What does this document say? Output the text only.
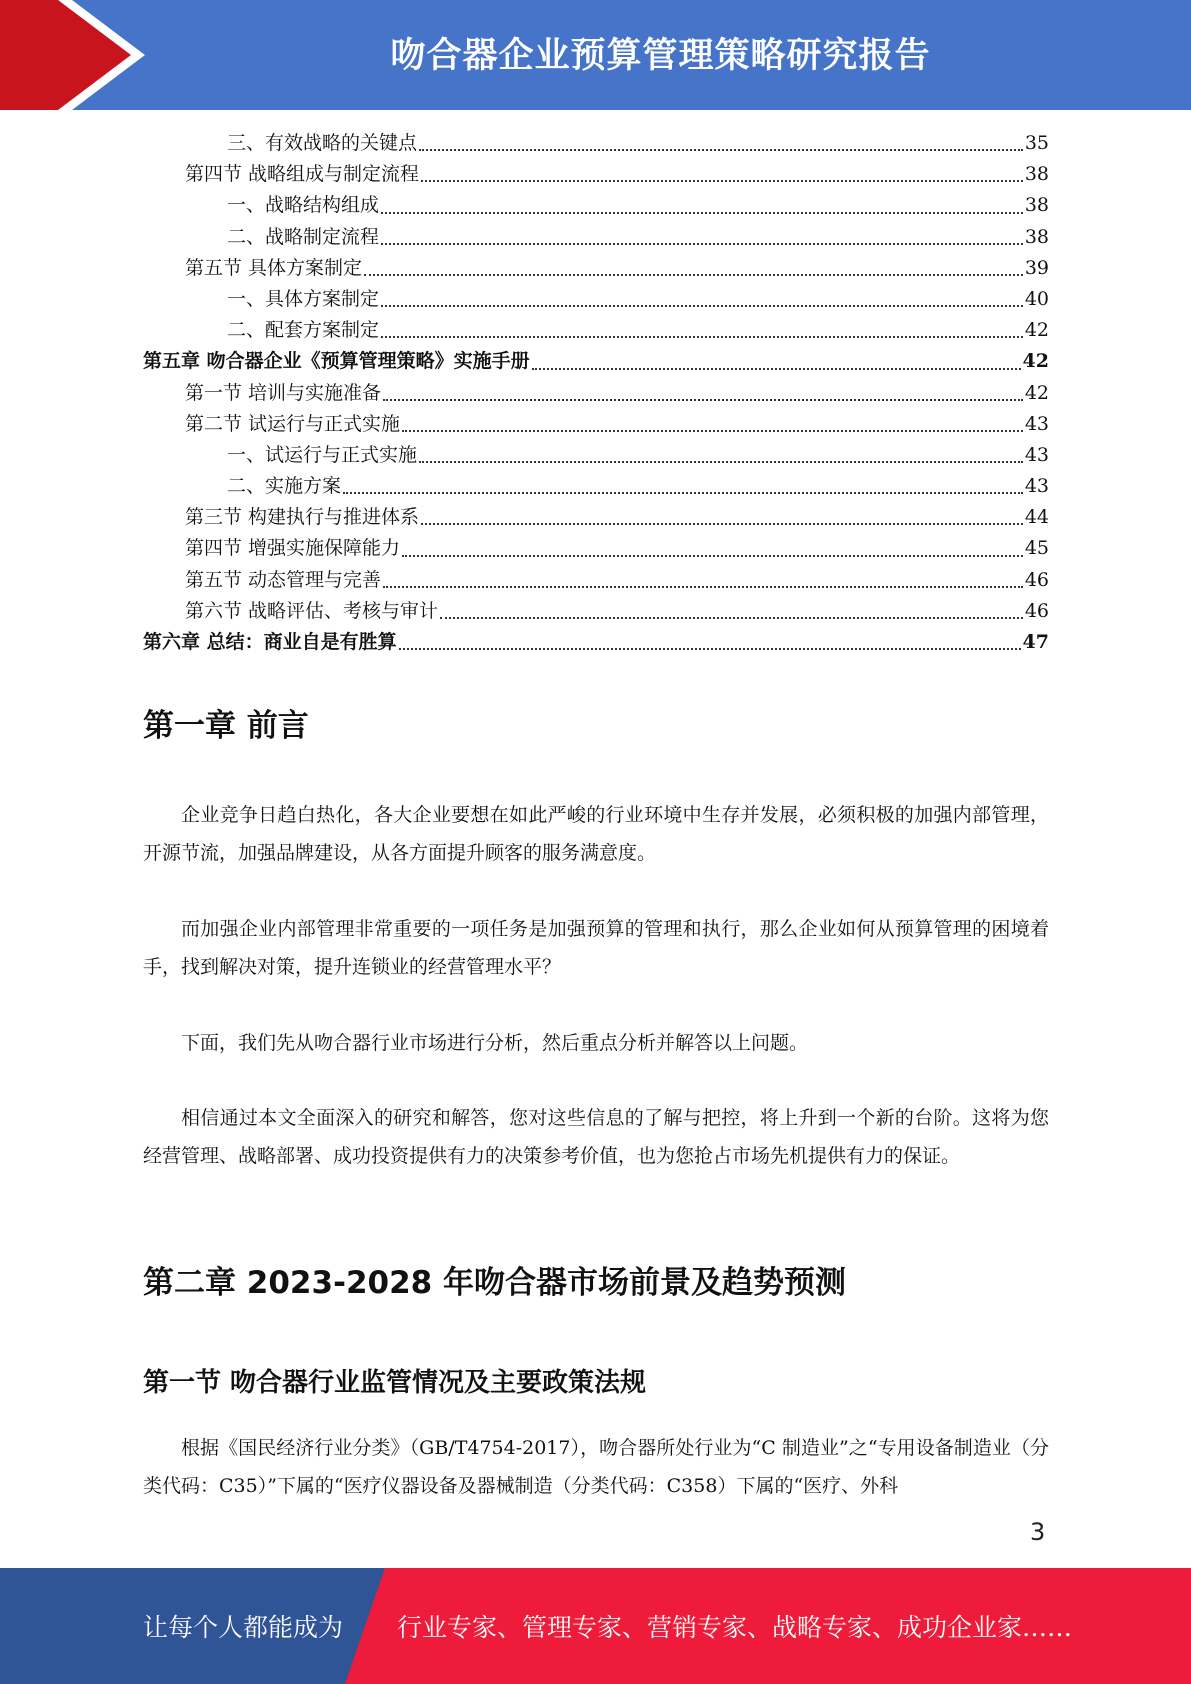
吻合器企业预算管理策略研究报告
三、有效战略的关键点	35
第四节 战略组成与制定流程	38
一、战略结构组成	38
二、战略制定流程	38
第五节 具体方案制定	39
一、具体方案制定	40
二、配套方案制定	42
第五章 吻合器企业《预算管理策略》实施手册	42
第一节 培训与实施准备	42
第二节 试运行与正式实施	43
一、试运行与正式实施	43
二、实施方案	43
第三节 构建执行与推进体系	44
第四节 增强实施保障能力	45
第五节 动态管理与完善	46
第六节 战略评估、考核与审计	46
第六章 总结：商业自是有胜算	47
第一章 前言

企业竞争日趋白热化，各大企业要想在如此严峻的行业环境中生存并发展，必须积极的加强内部管理，开源节流，加强品牌建设，从各方面提升顾客的服务满意度。

而加强企业内部管理非常重要的一项任务是加强预算的管理和执行，那么企业如何从预算管理的困境着手，找到解决对策，提升连锁业的经营管理水平？

下面，我们先从吻合器行业市场进行分析，然后重点分析并解答以上问题。

相信通过本文全面深入的研究和解答，您对这些信息的了解与把控，将上升到一个新的台阶。这将为您经营管理、战略部署、成功投资提供有力的决策参考价值，也为您抢占市场先机提供有力的保证。

第二章 2023-2028 年吻合器市场前景及趋势预测
第一节 吻合器行业监管情况及主要政策法规

根据《国民经济行业分类》（GB/T4754-2017），吻合器所处行业为“C 制造业”之“专用设备制造业（分类代码：C35）”下属的“医疗仪器设备及器械制造（分类代码：C358）下属的“医疗、外科

3
让每个人都能成为 行业专家、管理专家、营销专家、战略专家、成功企业家……
